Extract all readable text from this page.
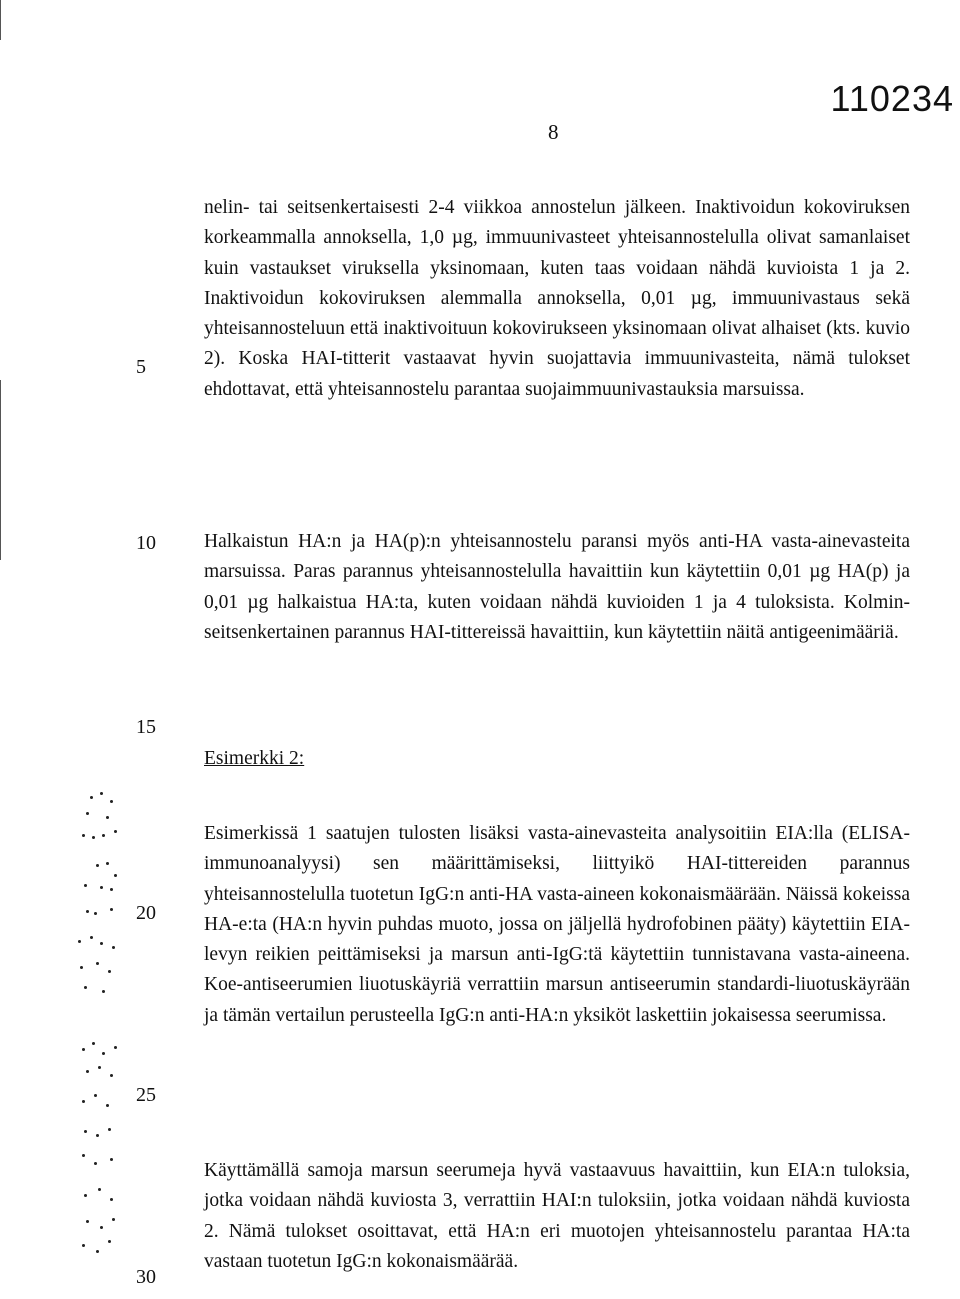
110234
8
5
10
15
20
25
30

nelin- tai seitsenkertaisesti 2-4 viikkoa annostelun jälkeen. Inaktivoidun kokoviruksen korkeammalla annoksella, 1,0 µg, immuunivasteet yhteisannostelulla olivat samanlaiset kuin vastaukset viruksella yksinomaan, kuten taas voidaan nähdä kuvioista 1 ja 2. Inaktivoidun kokoviruksen alemmalla annoksella, 0,01 µg, immuunivastaus sekä yhteisannosteluun että inaktivoituun kokovirukseen yksinomaan olivat alhaiset (kts. kuvio 2). Koska HAI-titterit vastaavat hyvin suojattavia immuunivasteita, nämä tulokset ehdottavat, että yhteisannostelu parantaa suojaimmuunivastauksia marsuissa.

Halkaistun HA:n ja HA(p):n yhteisannostelu paransi myös anti-HA vasta-ainevasteita marsuissa. Paras parannus yhteisannostelulla havaittiin kun käytettiin 0,01 µg HA(p) ja 0,01 µg halkaistua HA:ta, kuten voidaan nähdä kuvioiden 1 ja 4 tuloksista. Kolmin-seitsenkertainen parannus HAI-tittereissä havaittiin, kun käytettiin näitä antigeenimääriä.

Esimerkki 2:

Esimerkissä 1 saatujen tulosten lisäksi vasta-ainevasteita analysoitiin EIA:lla (ELISA-immunoanalyysi) sen määrittämiseksi, liittyikö HAI-tittereiden parannus yhteisannostelulla tuotetun IgG:n anti-HA vasta-aineen kokonaismäärään. Näissä kokeissa HA-e:ta (HA:n hyvin puhdas muoto, jossa on jäljellä hydrofobinen pääty) käytettiin EIA-levyn reikien peittämiseksi ja marsun anti-IgG:tä käytettiin tunnistavana vasta-aineena. Koe-antiseerumien liuotuskäyriä verrattiin marsun antiseerumin standardi-liuotuskäyrään ja tämän vertailun perusteella IgG:n anti-HA:n yksiköt laskettiin jokaisessa seerumissa.

Käyttämällä samoja marsun seerumeja hyvä vastaavuus havaittiin, kun EIA:n tuloksia, jotka voidaan nähdä kuviosta 3, verrattiin HAI:n tuloksiin, jotka voidaan nähdä kuviosta 2. Nämä tulokset osoittavat, että HA:n eri muotojen yhteisannostelu parantaa HA:ta vastaan tuotetun IgG:n kokonaismäärää.
